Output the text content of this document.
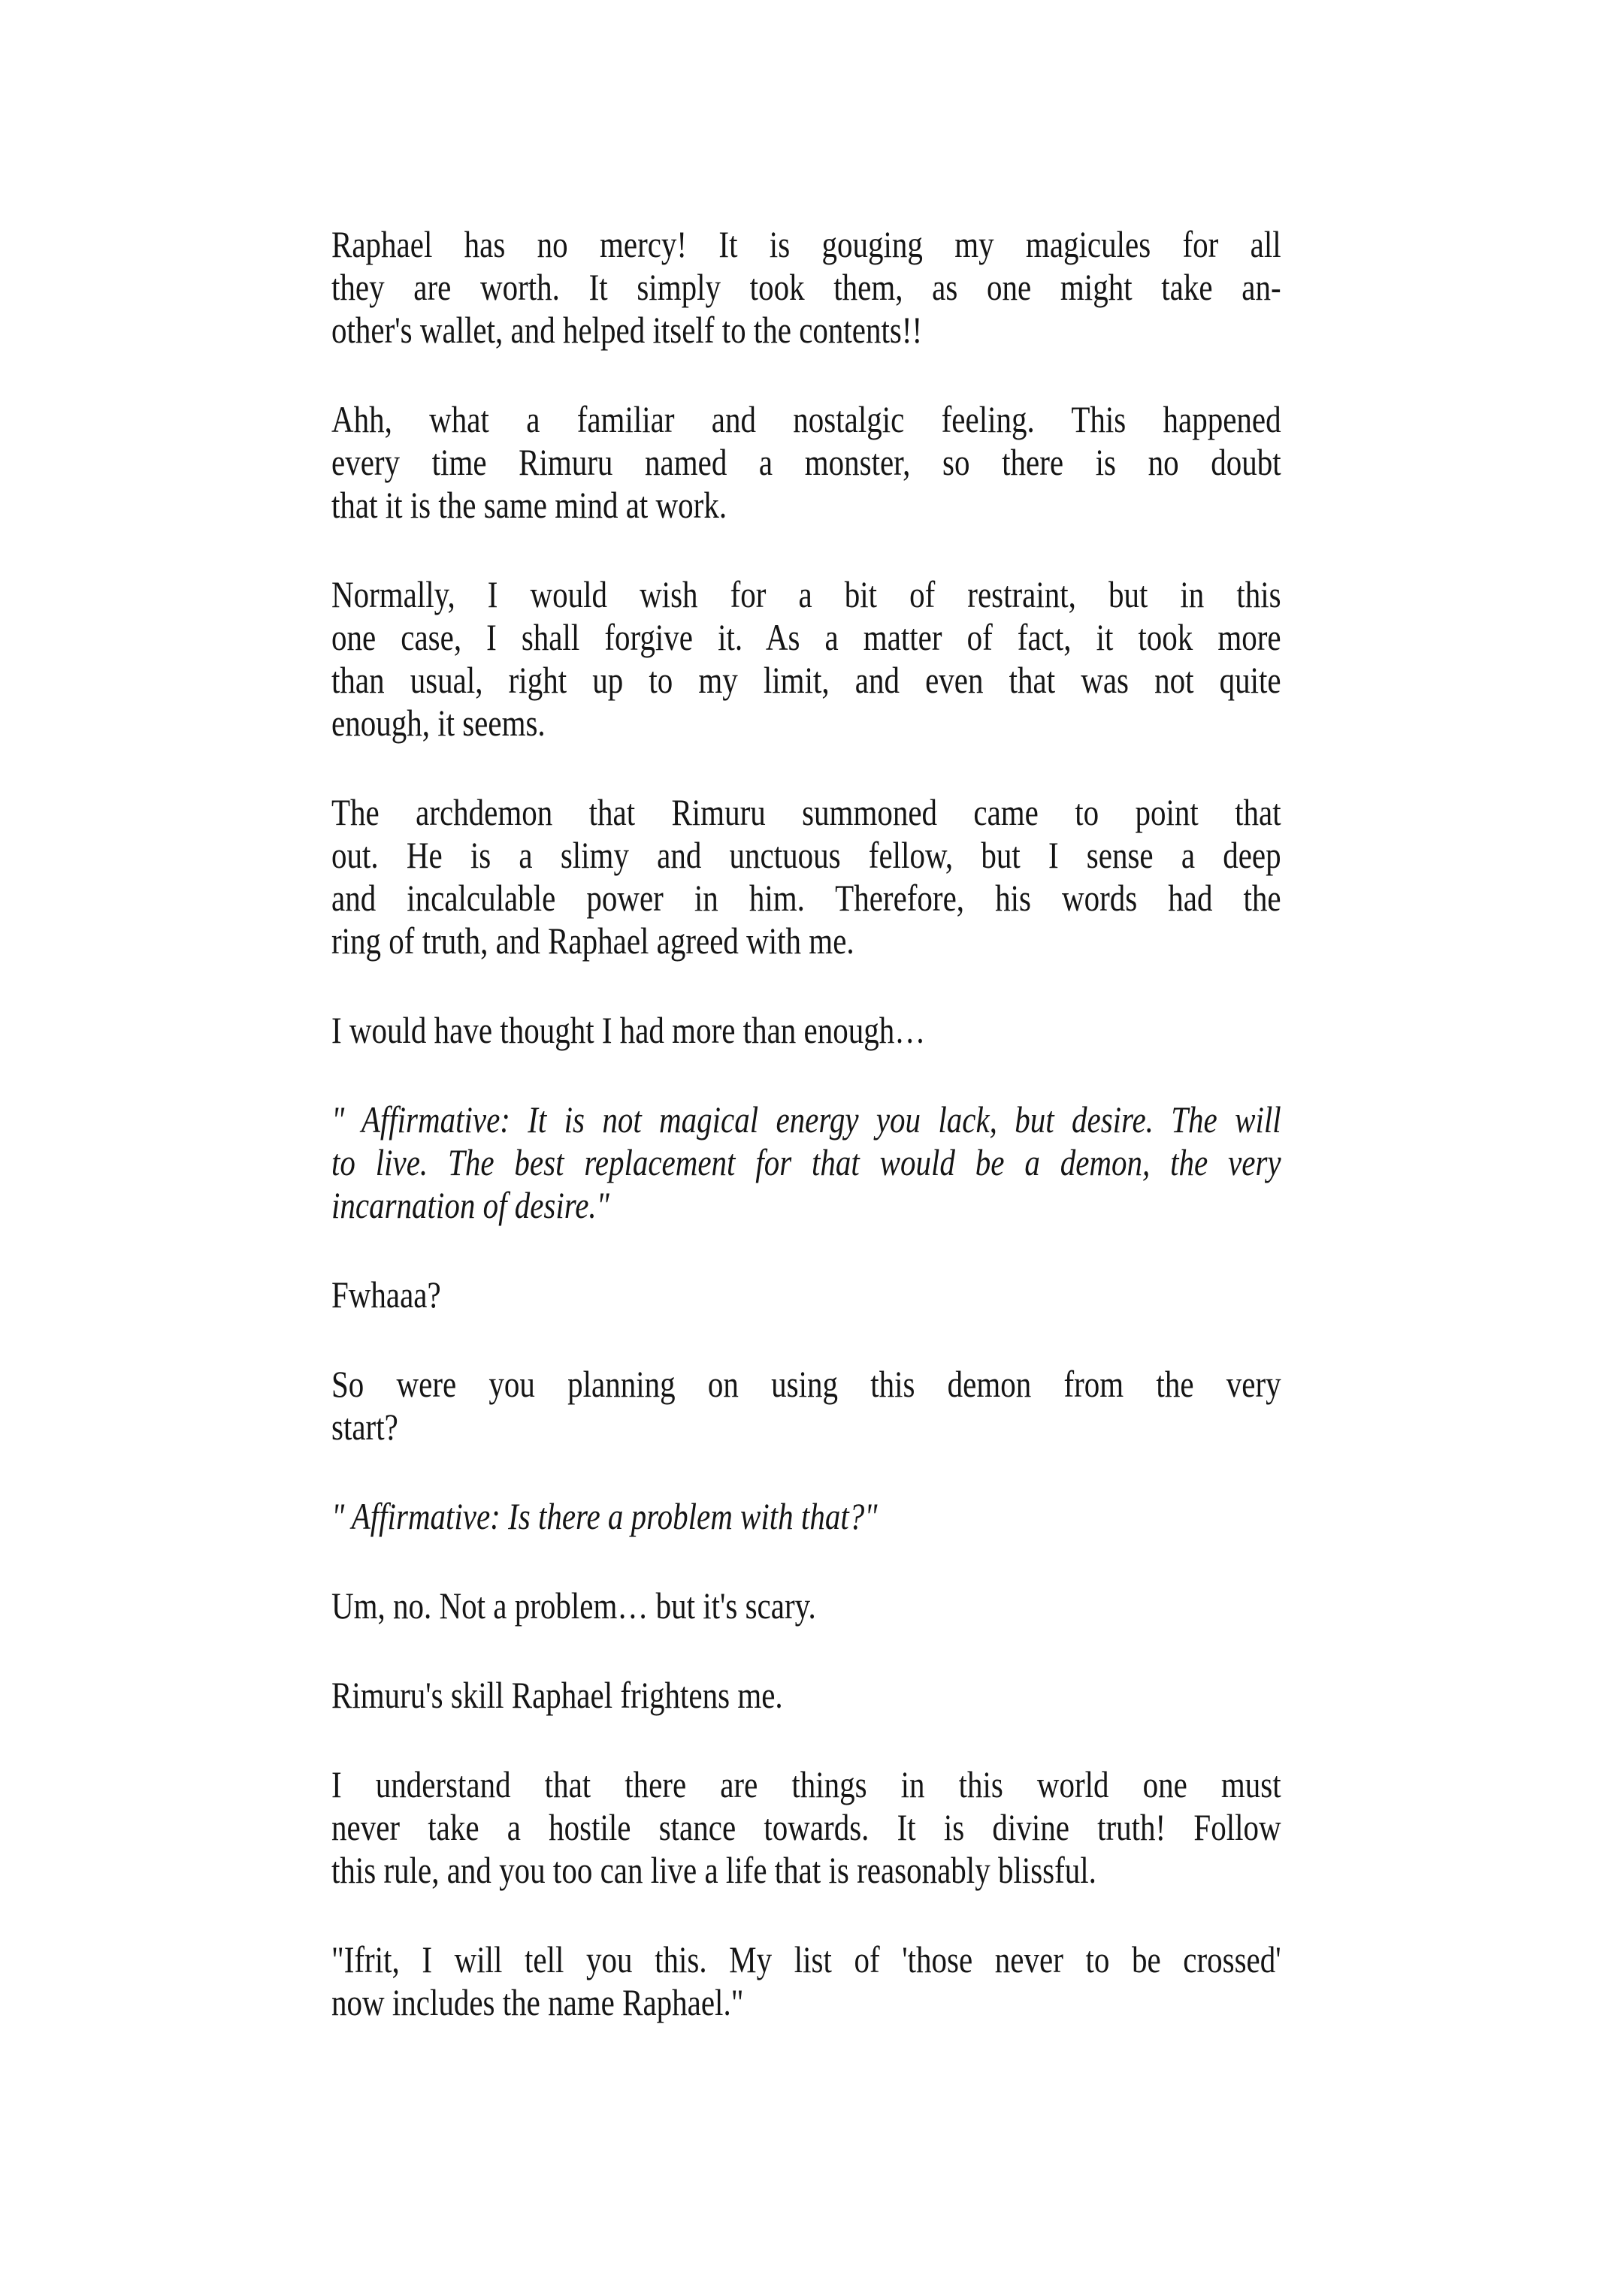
Raphael has no mercy! It is gouging my magicules for all
they are worth. It simply took them, as one might take an-
other's wallet, and helped itself to the contents!!
Ahh, what a familiar and nostalgic feeling. This happened
every time Rimuru named a monster, so there is no doubt
that it is the same mind at work.
Normally, I would wish for a bit of restraint, but in this
one case, I shall forgive it. As a matter of fact, it took more
than usual, right up to my limit, and even that was not quite
enough, it seems.
The archdemon that Rimuru summoned came to point that
out. He is a slimy and unctuous fellow, but I sense a deep
and incalculable power in him. Therefore, his words had the
ring of truth, and Raphael agreed with me.
I would have thought I had more than enough…
" Affirmative: It is not magical energy you lack, but desire. The will
to live. The best replacement for that would be a demon, the very
incarnation of desire."
Fwhaaa?
So were you planning on using this demon from the very
start?
" Affirmative: Is there a problem with that?"
Um, no. Not a problem… but it's scary.
Rimuru's skill Raphael frightens me.
I understand that there are things in this world one must
never take a hostile stance towards. It is divine truth! Follow
this rule, and you too can live a life that is reasonably blissful.
"Ifrit, I will tell you this. My list of 'those never to be crossed'
now includes the name Raphael."
